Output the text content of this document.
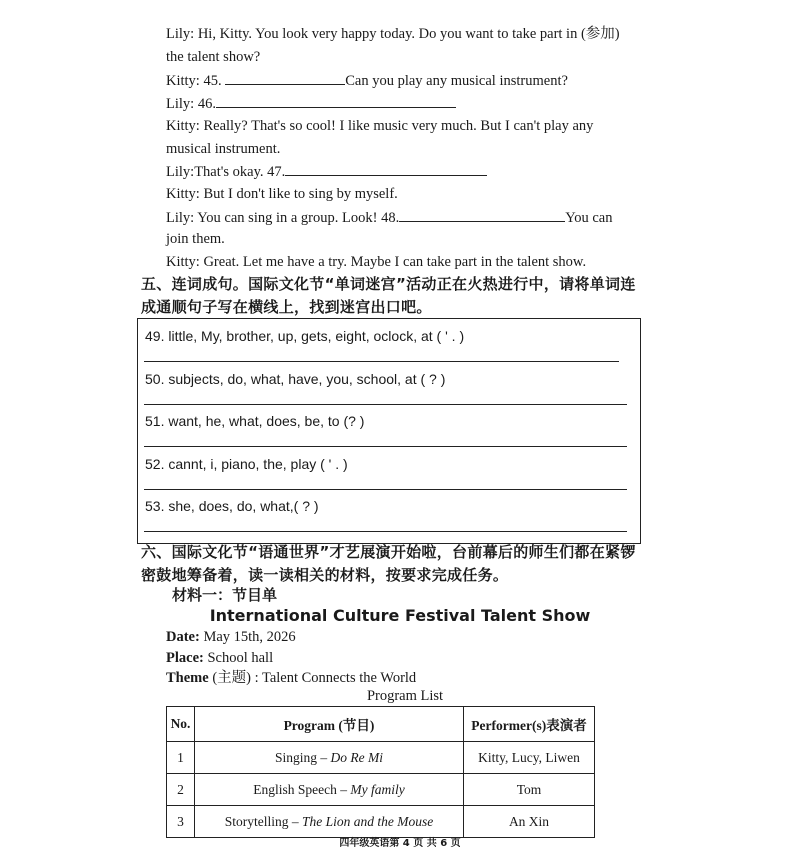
Lily: Hi, Kitty. You look very happy today. Do you want to take part in (参加)
the talent show?
Kitty: 45.	Can you play any musical instrument?
Lily: 46.
Kitty: Really? That's so cool! I like music very much. But I can't play any
musical instrument.
Lily:That's okay. 47.
Kitty: But I don't like to sing by myself.
Lily: You can sing in a group. Look! 48.	You can
join them.
Kitty: Great. Let me have a try. Maybe I can take part in the talent show.
五、连词成句。国际文化节“单词迷宫”活动正在火热进行中，请将单词连
成通顺句子写在横线上，找到迷宫出口吧。
49. little, My, brother, up, gets, eight, oclock, at ( ' . )
50. subjects, do, what, have, you, school, at ( ? )
51. want, he, what, does, be, to (? )
52. cannt, i, piano, the, play ( ' . )
53. she, does, do, what,( ? )
六、国际文化节“语通世界”才艺展演开始啦，台前幕后的师生们都在紧锣
密鼓地筹备着，读一读相关的材料，按要求完成任务。
材料一：节目单
International Culture Festival Talent Show
Date: May 15th, 2026
Place: School hall
Theme (主题) : Talent Connects the World
Program List
No.	Program (节目)	Performer(s)表演者
1	Singing – Do Re Mi	Kitty, Lucy, Liwen
2	English Speech – My family	Tom
3	Storytelling – The Lion and the Mouse	An Xin
四年级英语第 4 页 共 6 页
